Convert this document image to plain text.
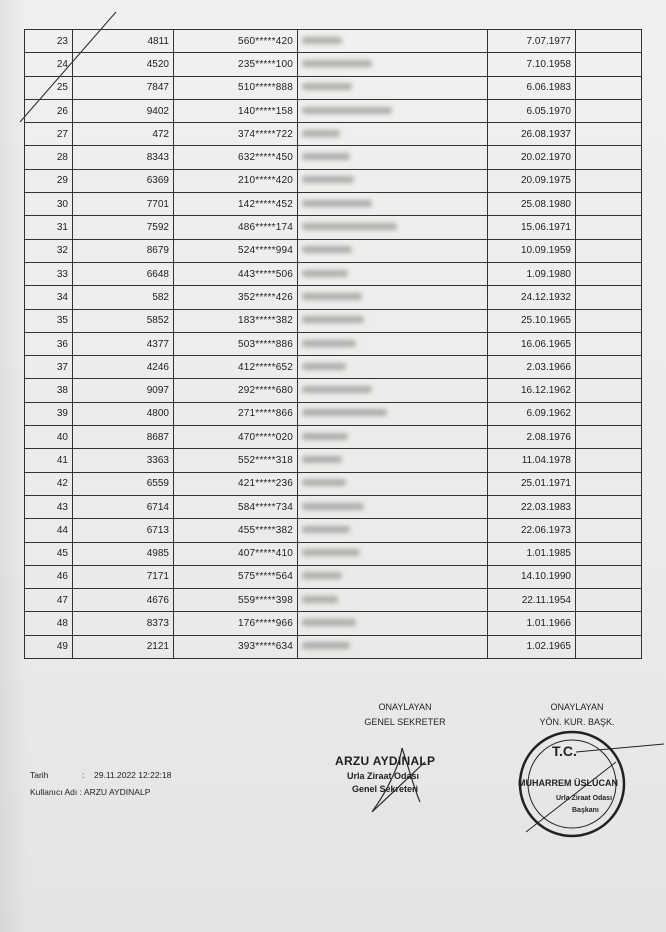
23	4811	560*****420		7.07.1977	
24	4520	235*****100		7.10.1958	
25	7847	510*****888		6.06.1983	
26	9402	140*****158		6.05.1970	
27	472	374*****722		26.08.1937	
28	8343	632*****450		20.02.1970	
29	6369	210*****420		20.09.1975	
30	7701	142*****452		25.08.1980	
31	7592	486*****174		15.06.1971	
32	8679	524*****994		10.09.1959	
33	6648	443*****506		1.09.1980	
34	582	352*****426		24.12.1932	
35	5852	183*****382		25.10.1965	
36	4377	503*****886		16.06.1965	
37	4246	412*****652		2.03.1966	
38	9097	292*****680		16.12.1962	
39	4800	271*****866		6.09.1962	
40	8687	470*****020		2.08.1976	
41	3363	552*****318		11.04.1978	
42	6559	421*****236		25.01.1971	
43	6714	584*****734		22.03.1983	
44	6713	455*****382		22.06.1973	
45	4985	407*****410		1.01.1985	
46	7171	575*****564		14.10.1990	
47	4676	559*****398		22.11.1954	
48	8373	176*****966		1.01.1966	
49	2121	393*****634		1.02.1965	
ONAYLAYAN
GENEL SEKRETER
ONAYLAYAN
YÖN. KUR. BAŞK.
ARZU AYDINALP
Urla Ziraat Odası
Genel Sekreteri
Tarih	: 29.11.2022 12:22:18
Kullanıcı Adı : ARZU AYDINALP
T.C.
MUHARREM ÜSLÜCAN
Urla Ziraat Odası
Başkanı
